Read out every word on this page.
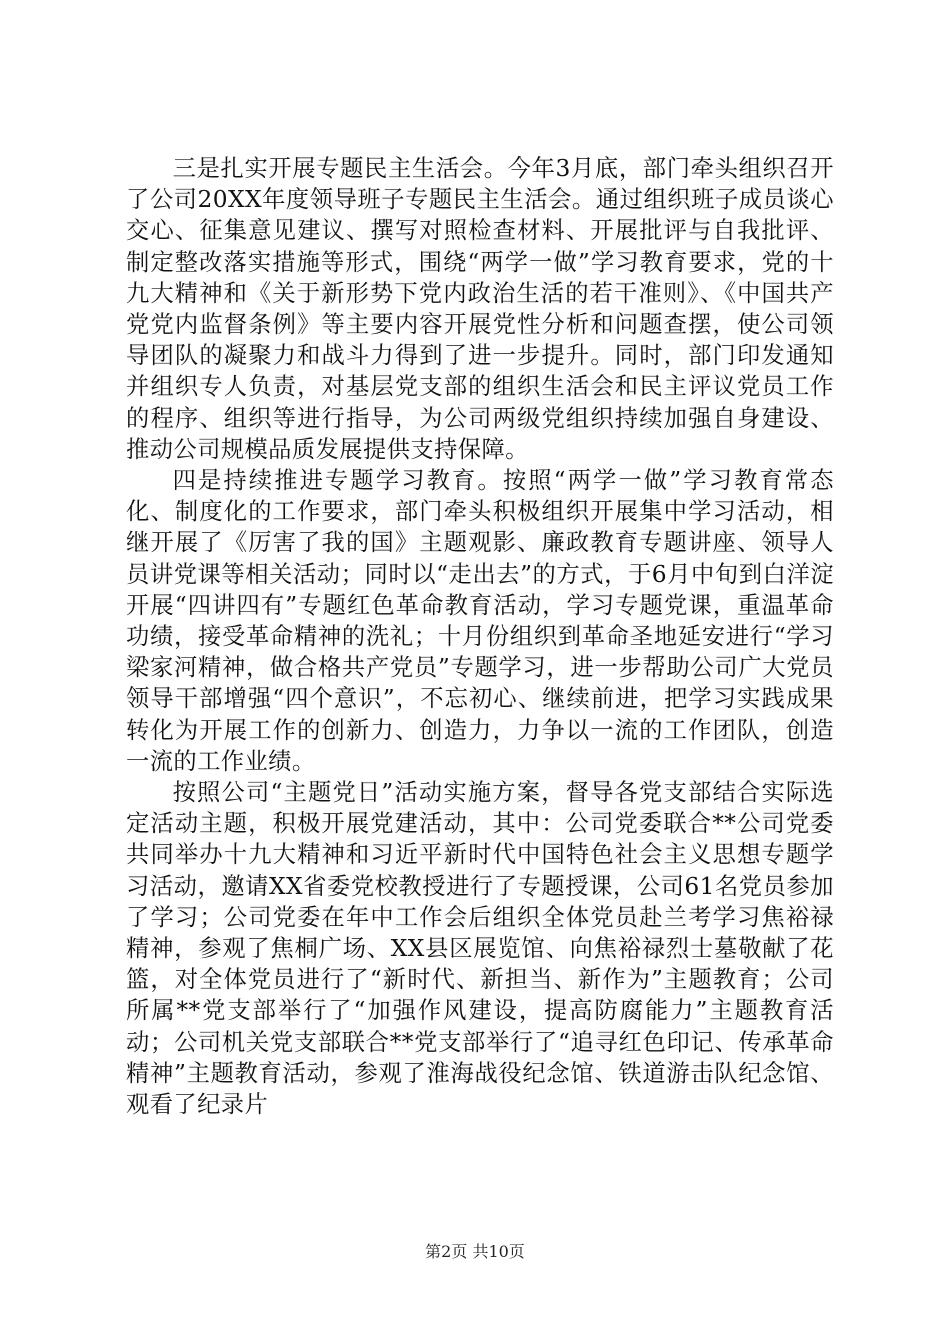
三是扎实开展专题民主生活会。今年3月底，部门牵头组织召开了公司20XX年度领导班子专题民主生活会。通过组织班子成员谈心交心、征集意见建议、撰写对照检查材料、开展批评与自我批评、制定整改落实措施等形式，围绕“两学一做”学习教育要求，党的十九大精神和《关于新形势下党内政治生活的若干准则》、《中国共产党党内监督条例》等主要内容开展党性分析和问题查摆，使公司领导团队的凝聚力和战斗力得到了进一步提升。同时，部门印发通知并组织专人负责，对基层党支部的组织生活会和民主评议党员工作的程序、组织等进行指导，为公司两级党组织持续加强自身建设、推动公司规模品质发展提供支持保障。

四是持续推进专题学习教育。按照“两学一做”学习教育常态化、制度化的工作要求，部门牵头积极组织开展集中学习活动，相继开展了《厉害了我的国》主题观影、廉政教育专题讲座、领导人员讲党课等相关活动；同时以“走出去”的方式，于6月中旬到白洋淀开展“四讲四有”专题红色革命教育活动，学习专题党课，重温革命功绩，接受革命精神的洗礼；十月份组织到革命圣地延安进行“学习梁家河精神，做合格共产党员”专题学习，进一步帮助公司广大党员领导干部增强“四个意识”，不忘初心、继续前进，把学习实践成果转化为开展工作的创新力、创造力，力争以一流的工作团队，创造一流的工作业绩。

按照公司“主题党日”活动实施方案，督导各党支部结合实际选定活动主题，积极开展党建活动，其中：公司党委联合**公司党委共同举办十九大精神和习近平新时代中国特色社会主义思想专题学习活动，邀请XX省委党校教授进行了专题授课，公司61名党员参加了学习；公司党委在年中工作会后组织全体党员赴兰考学习焦裕禄精神，参观了焦桐广场、XX县区展览馆、向焦裕禄烈士墓敬献了花篮，对全体党员进行了“新时代、新担当、新作为”主题教育；公司所属**党支部举行了“加强作风建设，提高防腐能力”主题教育活动；公司机关党支部联合**党支部举行了“追寻红色印记、传承革命精神”主题教育活动，参观了淮海战役纪念馆、铁道游击队纪念馆、观看了纪录片

第2页 共10页
